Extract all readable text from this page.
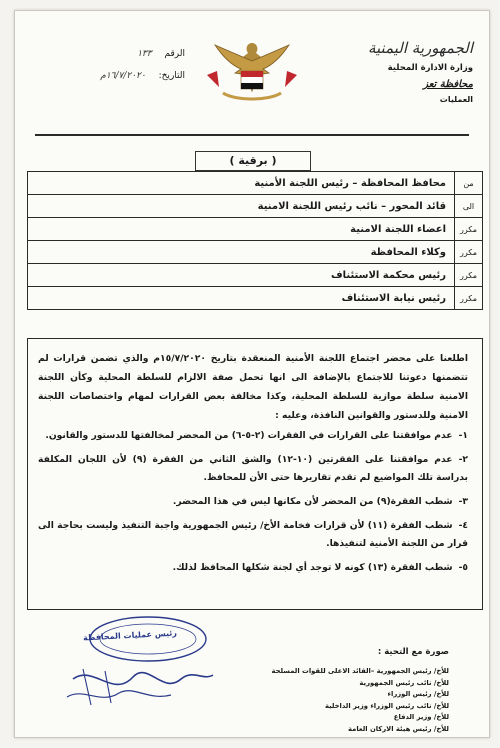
الجمهورية اليمنية
وزارة الادارة المحلية
محافظة تعز
العمليات
الرقم ١٣٣
التاريخ: ١٦/٧/٢٠٢٠م
( برقية )
من	محافظ المحافظة – رئيس اللجنة الأمنية
الى	قائد المحور – نائب رئيس اللجنة الامنية
مكرر	اعضاء اللجنة الامنية
مكرر	وكلاء المحافظة
مكرر	رئيس محكمة الاستئناف
مكرر	رئيس نيابة الاستئناف

اطلعنا على محضر اجتماع اللجنة الأمنية المنعقدة بتاريخ ١٥/٧/٢٠٢٠م والذي تضمن قرارات لم تتضمنها دعوتنا للاجتماع بالإضافة الى انها تحمل صفة الالزام للسلطة المحلية وكأن اللجنة الامنية سلطة موازية للسلطة المحلية، وكذا مخالفة بعض القرارات لمهام واختصاصات اللجنة الامنية وللدستور والقوانين النافذة، وعليه :

١-عدم موافقتنا على القرارات في الفقرات (٢-٥-٦) من المحضر لمخالفتها للدستور والقانون.
٢-عدم موافقتنا على الفقرتين (١٠-١٢) والشق الثاني من الفقرة (٩) لأن اللجان المكلفة بدراسة تلك المواضيع لم تقدم تقاريرها حتى الأن للمحافظ.
٣-شطب الفقرة(٩) من المحضر لأن مكانها ليس في هذا المحضر.
٤-شطب الفقرة (١١) لأن قرارات فخامة الأخ/ رئيس الجمهورية واجبة التنفيذ وليست بحاجة الى قرار من اللجنة الأمنية لتنفيذها.
٥-شطب الفقرة (١٣) كونه لا توجد أي لجنة شكلها المحافظ لذلك.
صورة مع التحية :
للأخ/ رئيس الجمهورية –القائد الاعلى للقوات المسلحة
للأخ/ نائب رئيس الجمهورية
للأخ/ رئيس الوزراء
للأخ/ نائب رئيس الوزراء وزير الداخلية
للأخ/ وزير الدفاع
للأخ/ رئيس هيئة الاركان العامة
رئيس عمليات المحافظة
